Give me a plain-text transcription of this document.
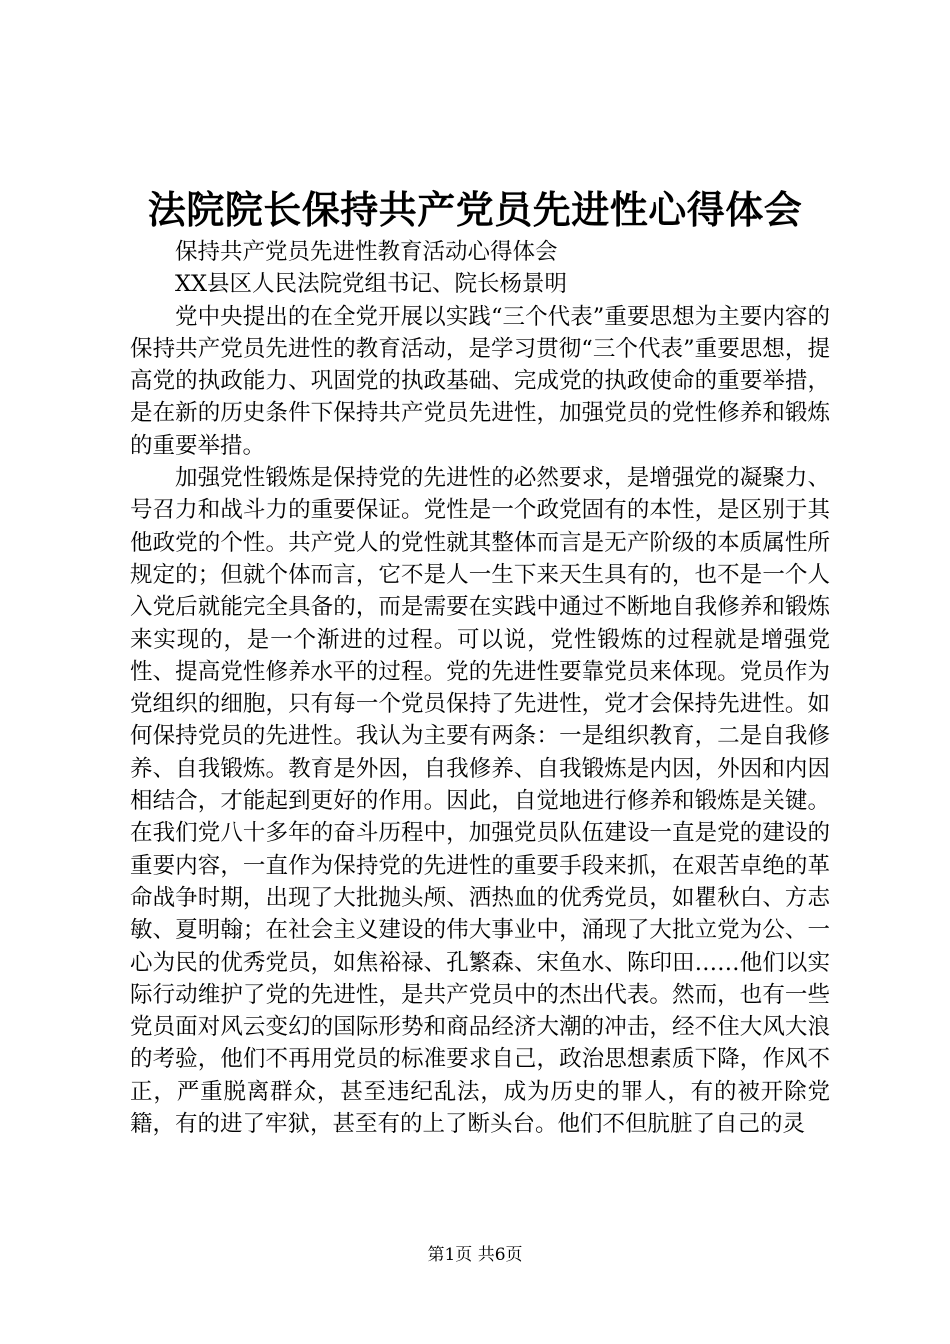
法院院长保持共产党员先进性心得体会

保持共产党员先进性教育活动心得体会

XX县区人民法院党组书记、院长杨景明

党中央提出的在全党开展以实践“三个代表”重要思想为主要内容的保持共产党员先进性的教育活动，是学习贯彻“三个代表”重要思想，提高党的执政能力、巩固党的执政基础、完成党的执政使命的重要举措，是在新的历史条件下保持共产党员先进性，加强党员的党性修养和锻炼的重要举措。

加强党性锻炼是保持党的先进性的必然要求，是增强党的凝聚力、号召力和战斗力的重要保证。党性是一个政党固有的本性，是区别于其他政党的个性。共产党人的党性就其整体而言是无产阶级的本质属性所规定的；但就个体而言，它不是人一生下来天生具有的，也不是一个人入党后就能完全具备的，而是需要在实践中通过不断地自我修养和锻炼来实现的，是一个渐进的过程。可以说，党性锻炼的过程就是增强党性、提高党性修养水平的过程。党的先进性要靠党员来体现。党员作为党组织的细胞，只有每一个党员保持了先进性，党才会保持先进性。如何保持党员的先进性。我认为主要有两条：一是组织教育，二是自我修养、自我锻炼。教育是外因，自我修养、自我锻炼是内因，外因和内因相结合，才能起到更好的作用。因此，自觉地进行修养和锻炼是关键。在我们党八十多年的奋斗历程中，加强党员队伍建设一直是党的建设的重要内容，一直作为保持党的先进性的重要手段来抓，在艰苦卓绝的革命战争时期，出现了大批抛头颅、洒热血的优秀党员，如瞿秋白、方志敏、夏明翰；在社会主义建设的伟大事业中，涌现了大批立党为公、一心为民的优秀党员，如焦裕禄、孔繁森、宋鱼水、陈印田……他们以实际行动维护了党的先进性，是共产党员中的杰出代表。然而，也有一些党员面对风云变幻的国际形势和商品经济大潮的冲击，经不住大风大浪的考验，他们不再用党员的标准要求自己，政治思想素质下降，作风不正，严重脱离群众，甚至违纪乱法，成为历史的罪人，有的被开除党籍，有的进了牢狱，甚至有的上了断头台。他们不但肮脏了自己的灵

第1页 共6页
